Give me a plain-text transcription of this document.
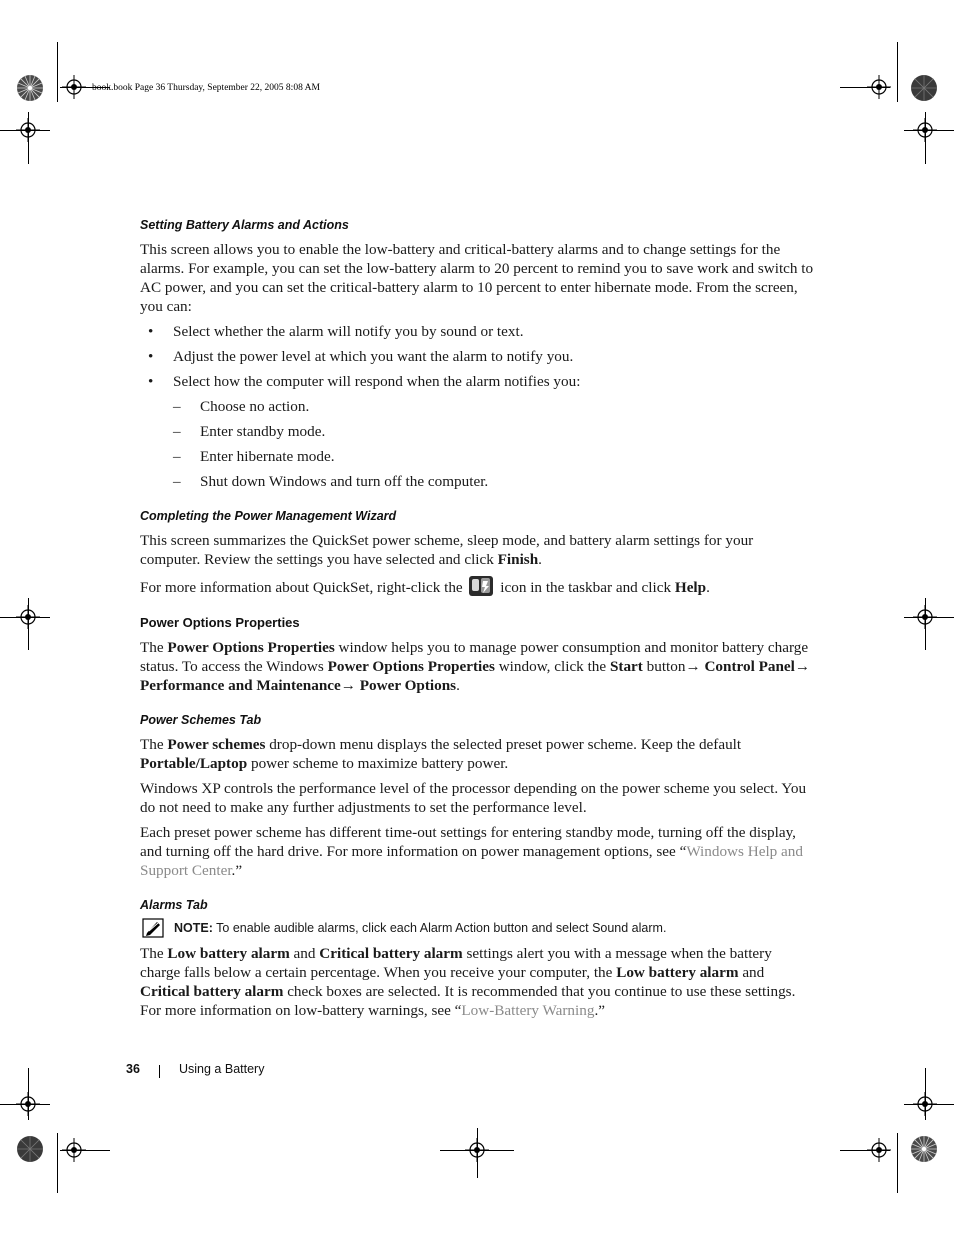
book.book Page 36 Thursday, September 22, 2005 8:08 AM
Setting Battery Alarms and Actions

This screen allows you to enable the low-battery and critical-battery alarms and to change settings for the alarms. For example, you can set the low-battery alarm to 20 percent to remind you to save work and switch to AC power, and you can set the critical-battery alarm to 10 percent to enter hibernate mode. From the screen, you can:

• Select whether the alarm will notify you by sound or text.
• Adjust the power level at which you want the alarm to notify you.
• Select how the computer will respond when the alarm notifies you:
– Choose no action.
– Enter standby mode.
– Enter hibernate mode.
– Shut down Windows and turn off the computer.
Completing the Power Management Wizard

This screen summarizes the QuickSet power scheme, sleep mode, and battery alarm settings for your computer. Review the settings you have selected and click Finish.

For more information about QuickSet, right-click the  icon in the taskbar and click Help.

Power Options Properties

The Power Options Properties window helps you to manage power consumption and monitor battery charge status. To access the Windows Power Options Properties window, click the Start button→ Control Panel→ Performance and Maintenance→ Power Options.

Power Schemes Tab

The Power schemes drop-down menu displays the selected preset power scheme. Keep the default Portable/Laptop power scheme to maximize battery power.

Windows XP controls the performance level of the processor depending on the power scheme you select. You do not need to make any further adjustments to set the performance level.

Each preset power scheme has different time-out settings for entering standby mode, turning off the display, and turning off the hard drive. For more information on power management options, see “Windows Help and Support Center.”

Alarms Tab
NOTE: To enable audible alarms, click each Alarm Action button and select Sound alarm.

The Low battery alarm and Critical battery alarm settings alert you with a message when the battery charge falls below a certain percentage. When you receive your computer, the Low battery alarm and Critical battery alarm check boxes are selected. It is recommended that you continue to use these settings. For more information on low-battery warnings, see “Low-Battery Warning.”

36	Using a Battery
